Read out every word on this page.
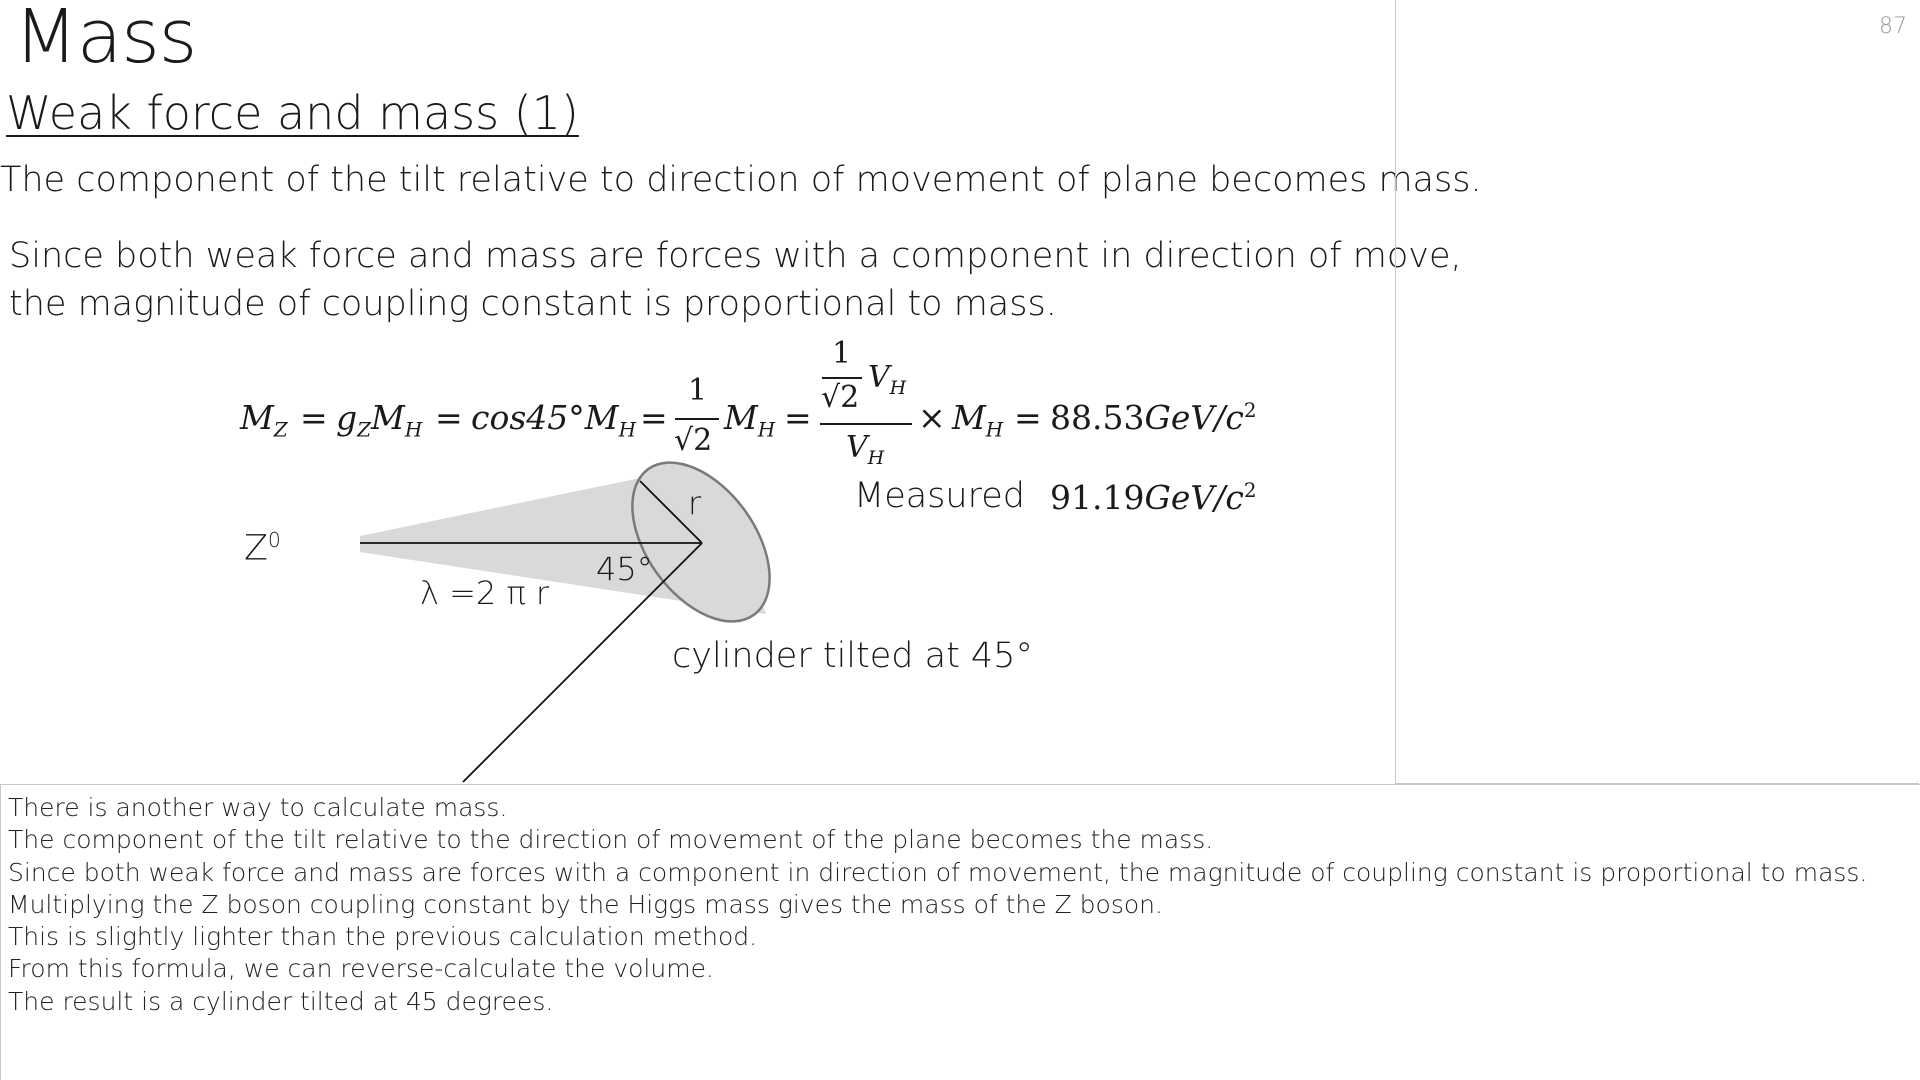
Mass
Weak force and mass (1)
The component of the tilt relative to direction of movement of plane becomes mass.
Since both weak force and mass are forces with a component in direction of move,
the magnitude of coupling constant is proportional to mass.
87
$M_Z = g_ZM_H = \cos 45^\circ M_H$ =
1
√2
$M_H$ =
1
√2
$V_H$
$V_H$
× $M_H = 88.53GeV/c^2$
Measured $91.19GeV/c^2$
$Z^0$
r
45°
λ =2 π r
cylinder tilted at 45°
There is another way to calculate mass.
The component of the tilt relative to the direction of movement of the plane becomes the mass.
Since both weak force and mass are forces with a component in direction of movement, the magnitude of coupling constant is proportional to mass.
Multiplying the Z boson coupling constant by the Higgs mass gives the mass of the Z boson.
This is slightly lighter than the previous calculation method.
From this formula, we can reverse-calculate the volume.
The result is a cylinder tilted at 45 degrees.
